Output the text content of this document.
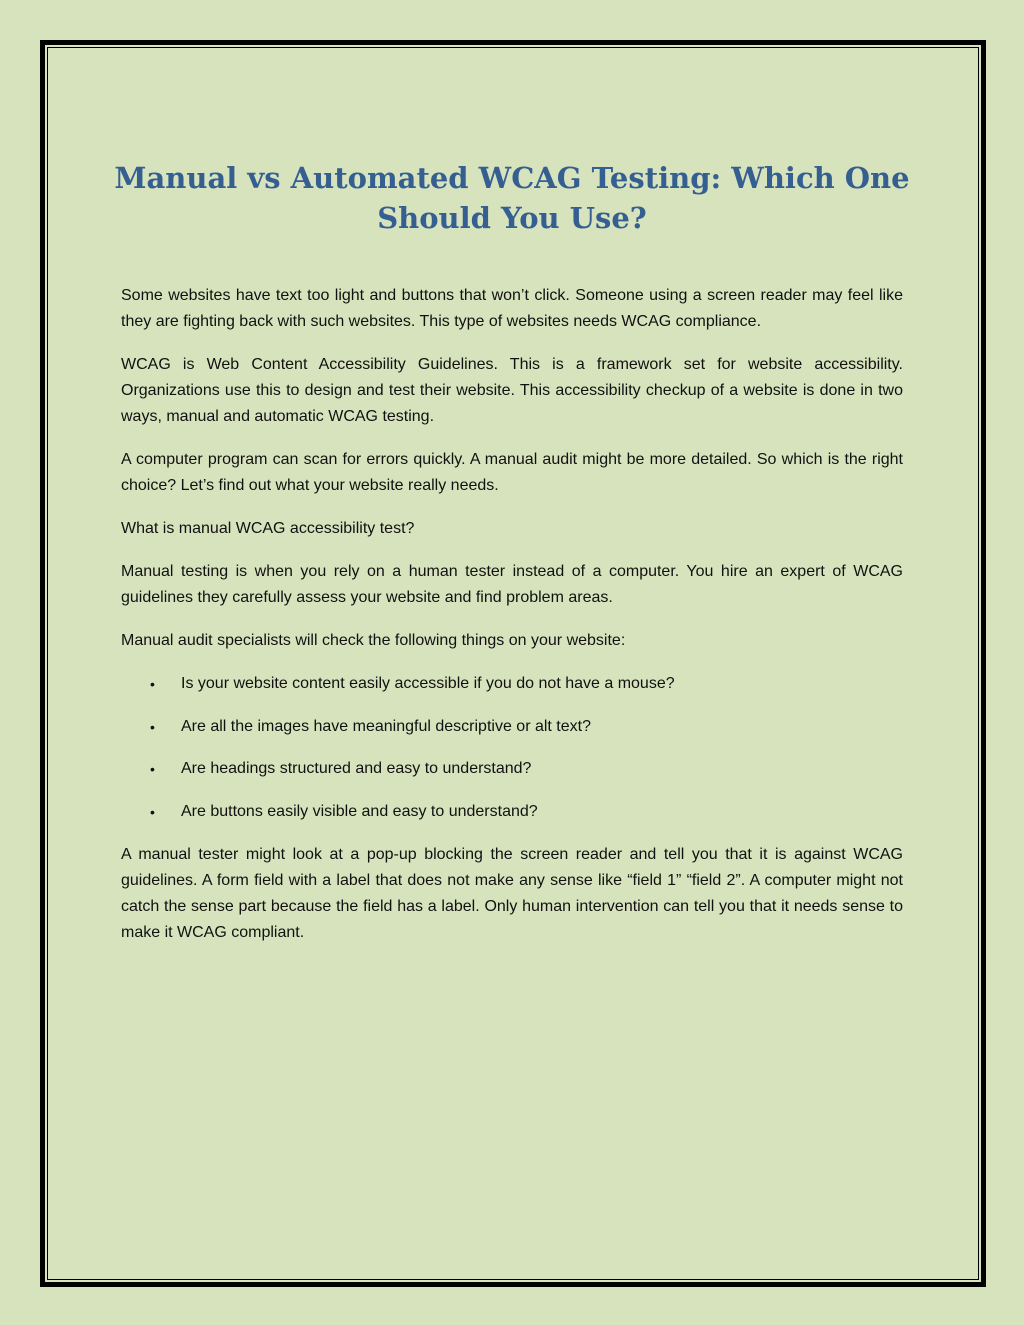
Manual vs Automated WCAG Testing: Which One Should You Use?

Some websites have text too light and buttons that won’t click. Someone using a screen reader may feel like they are fighting back with such websites. This type of websites needs WCAG compliance.

WCAG is Web Content Accessibility Guidelines. This is a framework set for website accessibility. Organizations use this to design and test their website. This accessibility checkup of a website is done in two ways, manual and automatic WCAG testing.

A computer program can scan for errors quickly. A manual audit might be more detailed. So which is the right choice? Let’s find out what your website really needs.

What is manual WCAG accessibility test?

Manual testing is when you rely on a human tester instead of a computer. You hire an expert of WCAG guidelines they carefully assess your website and find problem areas.

Manual audit specialists will check the following things on your website:

• Is your website content easily accessible if you do not have a mouse?
• Are all the images have meaningful descriptive or alt text?
• Are headings structured and easy to understand?
• Are buttons easily visible and easy to understand?

A manual tester might look at a pop-up blocking the screen reader and tell you that it is against WCAG guidelines. A form field with a label that does not make any sense like “field 1” “field 2”. A computer might not catch the sense part because the field has a label. Only human intervention can tell you that it needs sense to make it WCAG compliant.
